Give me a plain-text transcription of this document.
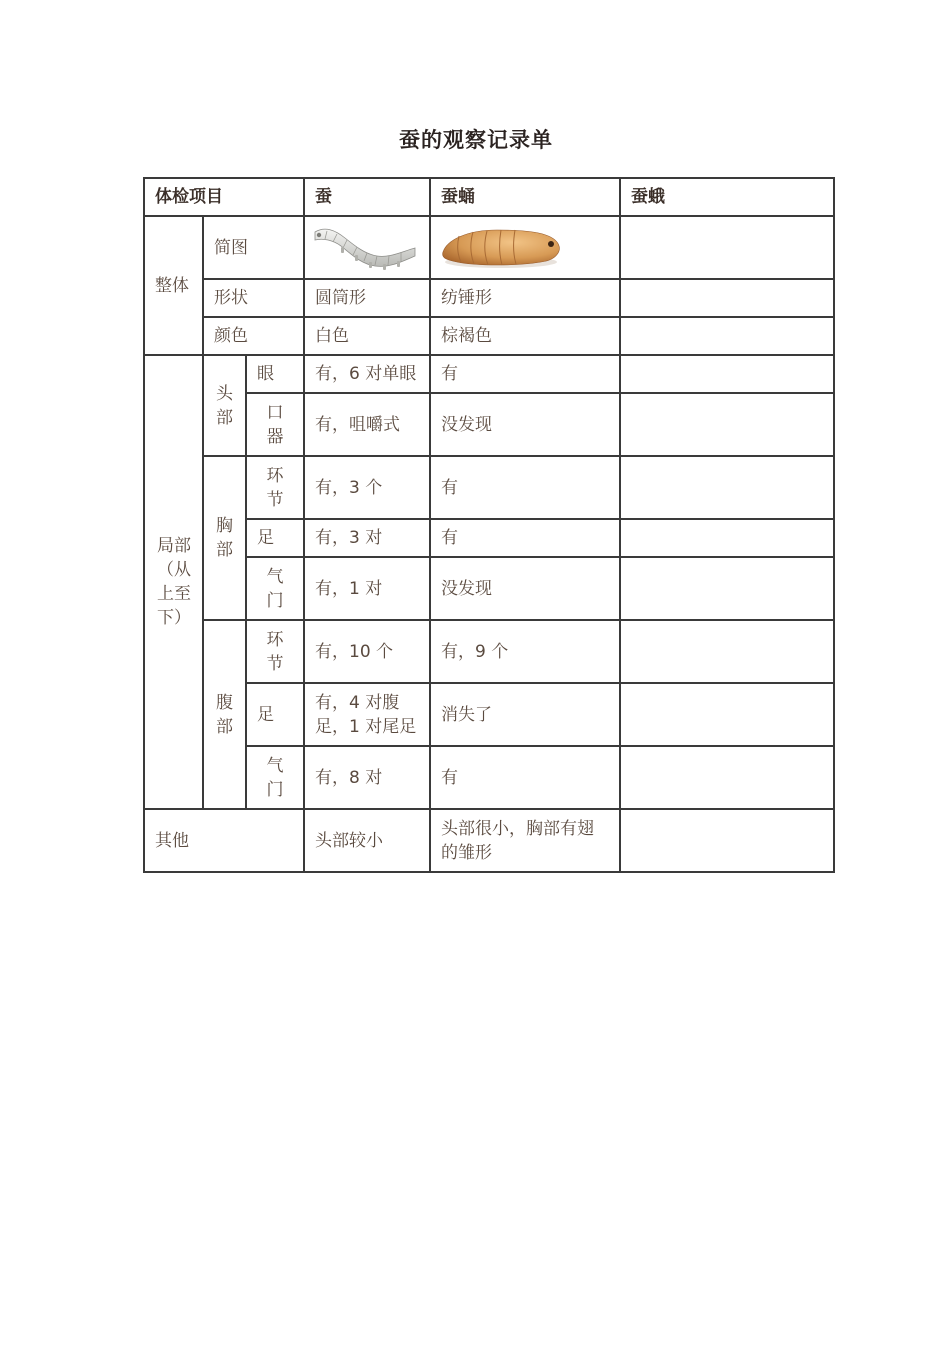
蚕的观察记录单
体检项目			蚕	蚕蛹	蚕蛾
整体	简图	

	形状		圆筒形	纺锤形	
	颜色		白色	棕褐色	
局部（从上至下）	头部	眼	有，6 对单眼	有	
		口器	有，咀嚼式	没发现	
	胸部	环节	有，3 个	有	
		足	有，3 对	有	
		气门	有，1 对	没发现	
	腹部	环节	有，10 个	有，9 个	
		足	有，4 对腹足，1 对尾足	消失了	
		气门	有，8 对	有	
其他			头部较小	头部很小，胸部有翅的雏形	
